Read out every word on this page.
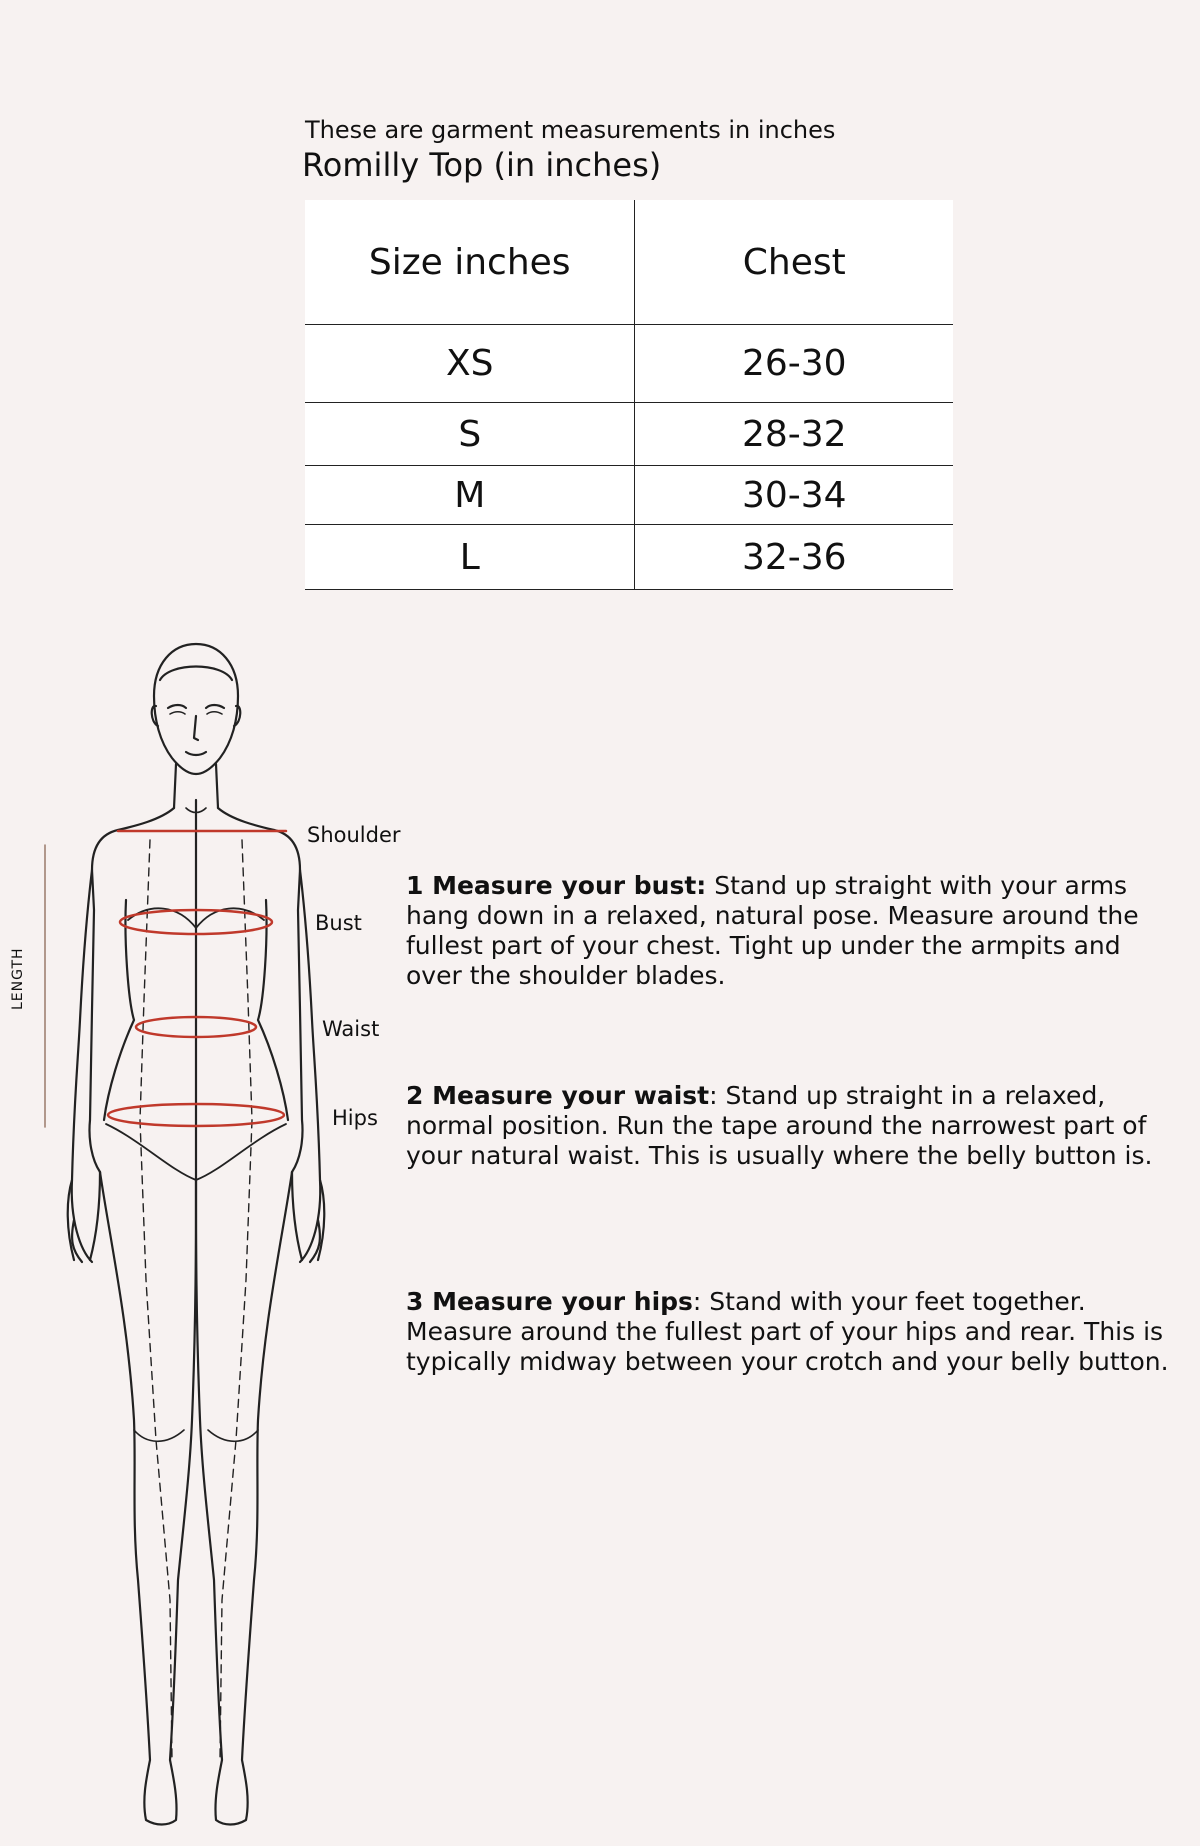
These are garment measurements in inches
Romilly Top (in inches)
Size inches	Chest
XS	26-30
S	28-32
M	30-34
L	32-36
Shoulder
Bust
Waist
Hips
LENGTH
1 Measure your bust: Stand up straight with your arms hang down in a relaxed, natural pose. Measure around the fullest part of your chest. Tight up under the armpits and over the shoulder blades.
2 Measure your waist: Stand up straight in a relaxed, normal position. Run the tape around the narrowest part of your natural waist. This is usually where the belly button is.
3 Measure your hips: Stand with your feet together. Measure around the fullest part of your hips and rear. This is typically midway between your crotch and your belly button.
